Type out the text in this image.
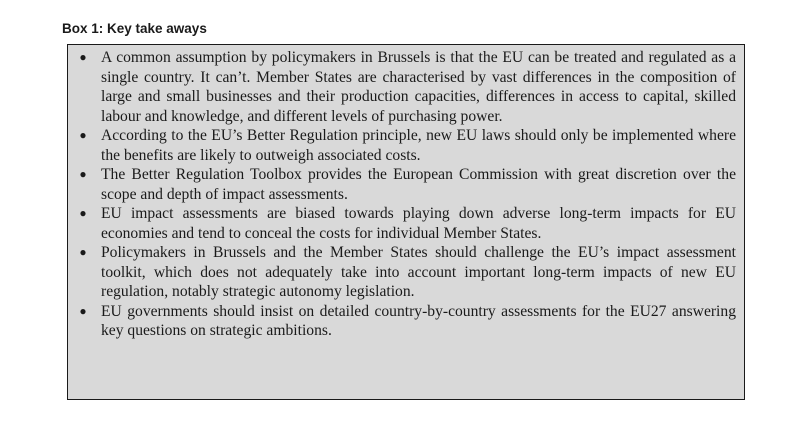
Box 1: Key take aways
● A common assumption by policymakers in Brussels is that the EU can be treated and regulated as a single country. It can’t. Member States are characterised by vast differences in the composition of large and small businesses and their production capacities, differences in access to capital, skilled labour and knowledge, and different levels of purchasing power.
● According to the EU’s Better Regulation principle, new EU laws should only be implemented where the benefits are likely to outweigh associated costs.
● The Better Regulation Toolbox provides the European Commission with great discretion over the scope and depth of impact assessments.
● EU impact assessments are biased towards playing down adverse long-term impacts for EU economies and tend to conceal the costs for individual Member States.
● Policymakers in Brussels and the Member States should challenge the EU’s impact assessment toolkit, which does not adequately take into account important long-term impacts of new EU regulation, notably strategic autonomy legislation.
● EU governments should insist on detailed country-by-country assessments for the EU27 answering key questions on strategic ambitions.
